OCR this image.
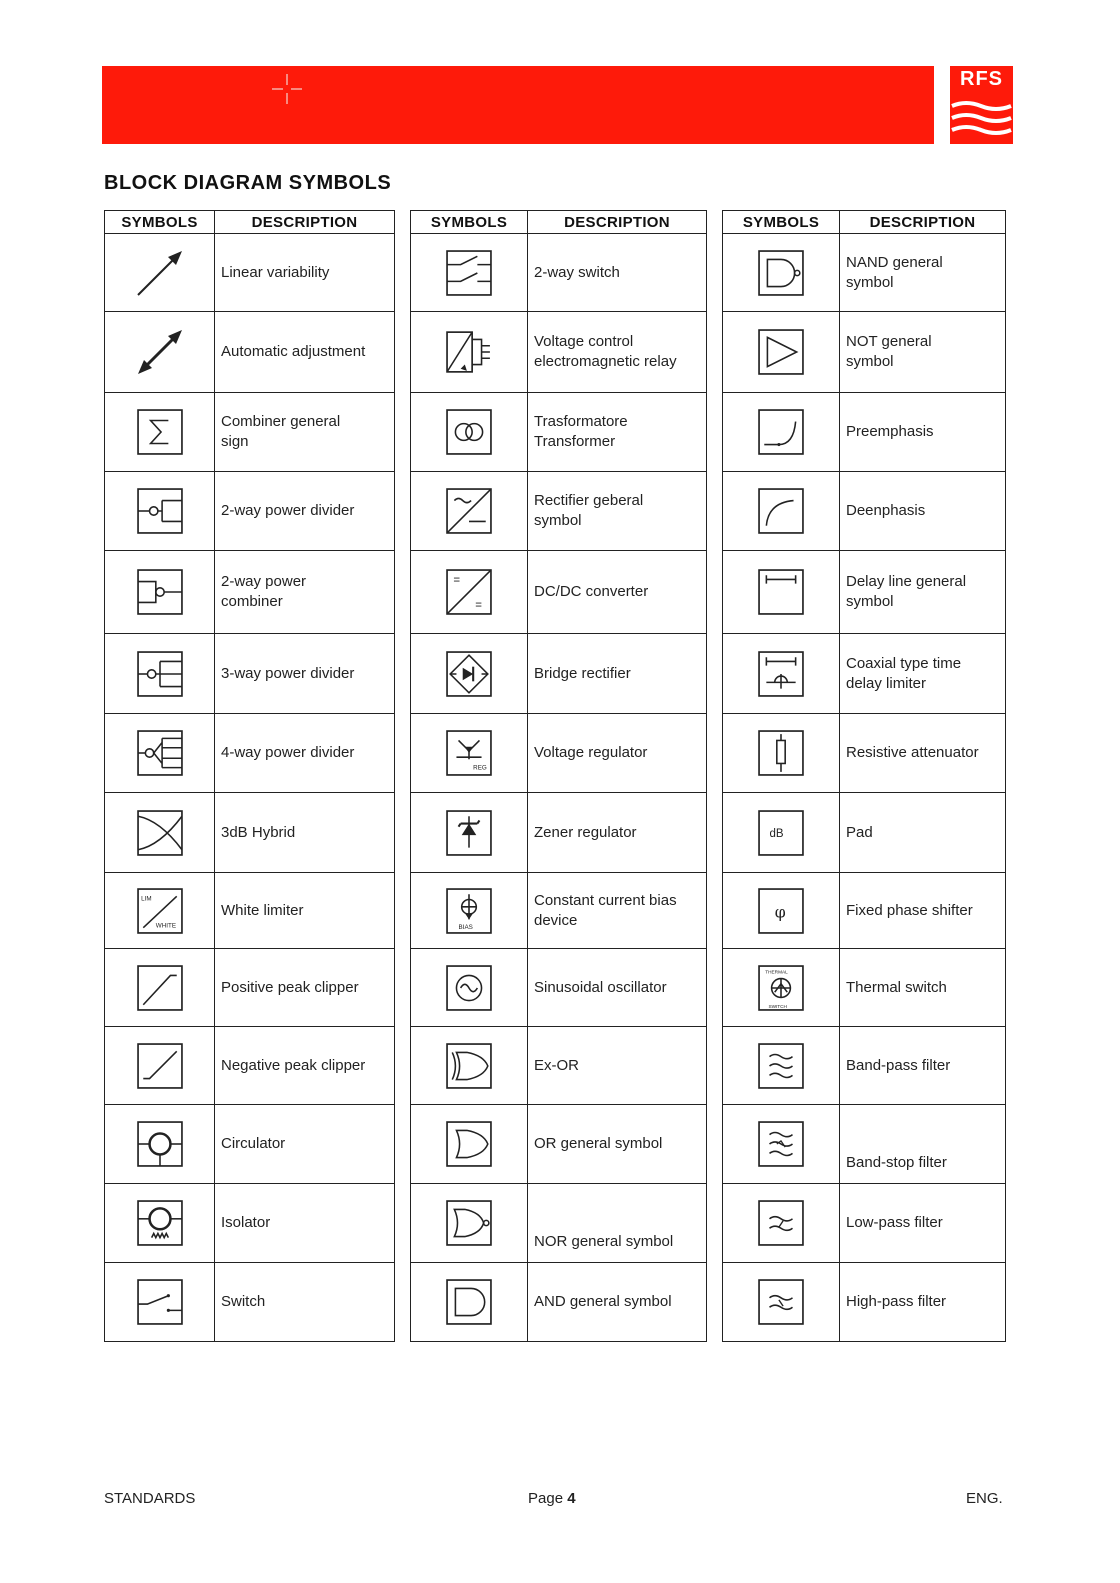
RFS
BLOCK DIAGRAM SYMBOLS
SYMBOLS	DESCRIPTION

Linear variability

Automatic adjustment

Combiner general
sign

2-way power divider

2-way power
combiner

3-way power divider

4-way power divider

3dB Hybrid

LIM
WHITE	White limiter

Positive peak clipper

Negative peak clipper

Circulator

Isolator

Switch
SYMBOLS	DESCRIPTION

2-way switch

Voltage control
electromagnetic relay

Trasformatore
Transformer

Rectifier geberal
symbol

=
=	DC/DC converter

Bridge rectifier

REG	Voltage regulator

Zener regulator

BIAS	Constant current bias
device

Sinusoidal oscillator

Ex-OR

OR general symbol

NOR general symbol

AND general symbol
SYMBOLS	DESCRIPTION

NAND general
symbol

NOT general
symbol

Preemphasis

Deenphasis

Delay line general
symbol

Coaxial type time
delay limiter

Resistive attenuator

dB	Pad

φ	Fixed phase shifter

THERMAL
SWITCH	Thermal switch

Band-pass filter

Band-stop filter

Low-pass filter

High-pass filter
STANDARDS	Page 4	ENG.
